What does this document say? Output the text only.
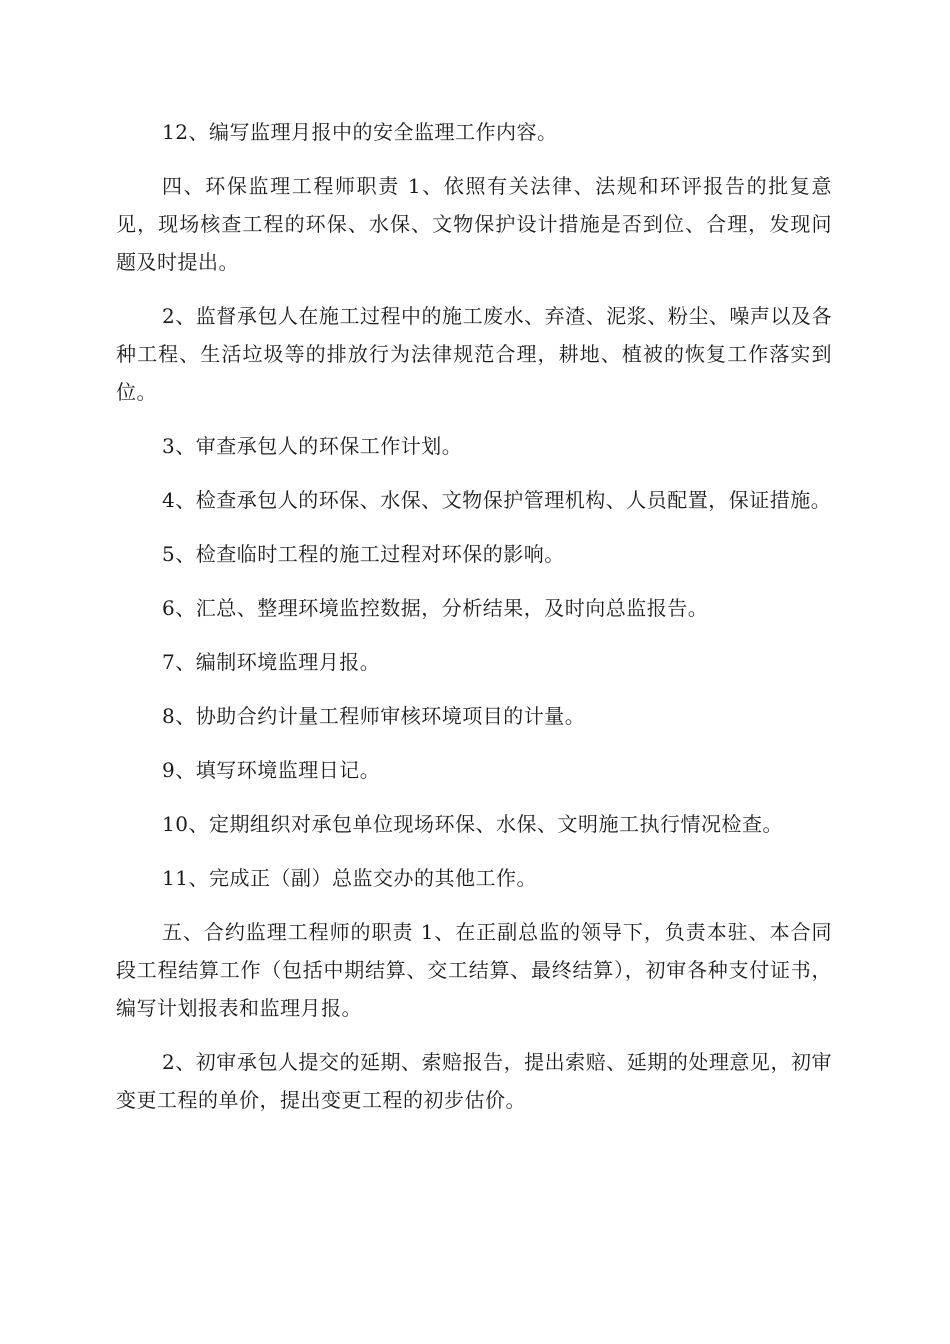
12、编写监理月报中的安全监理工作内容。

四、环保监理工程师职责 1、依照有关法律、法规和环评报告的批复意见，现场核查工程的环保、水保、文物保护设计措施是否到位、合理，发现问题及时提出。

2、监督承包人在施工过程中的施工废水、弃渣、泥浆、粉尘、噪声以及各种工程、生活垃圾等的排放行为法律规范合理，耕地、植被的恢复工作落实到位。

3、审查承包人的环保工作计划。

4、检查承包人的环保、水保、文物保护管理机构、人员配置，保证措施。

5、检查临时工程的施工过程对环保的影响。

6、汇总、整理环境监控数据，分析结果，及时向总监报告。

7、编制环境监理月报。

8、协助合约计量工程师审核环境项目的计量。

9、填写环境监理日记。

10、定期组织对承包单位现场环保、水保、文明施工执行情况检查。

11、完成正（副）总监交办的其他工作。

五、合约监理工程师的职责 1、在正副总监的领导下，负责本驻、本合同段工程结算工作（包括中期结算、交工结算、最终结算），初审各种支付证书，编写计划报表和监理月报。

2、初审承包人提交的延期、索赔报告，提出索赔、延期的处理意见，初审变更工程的单价，提出变更工程的初步估价。
